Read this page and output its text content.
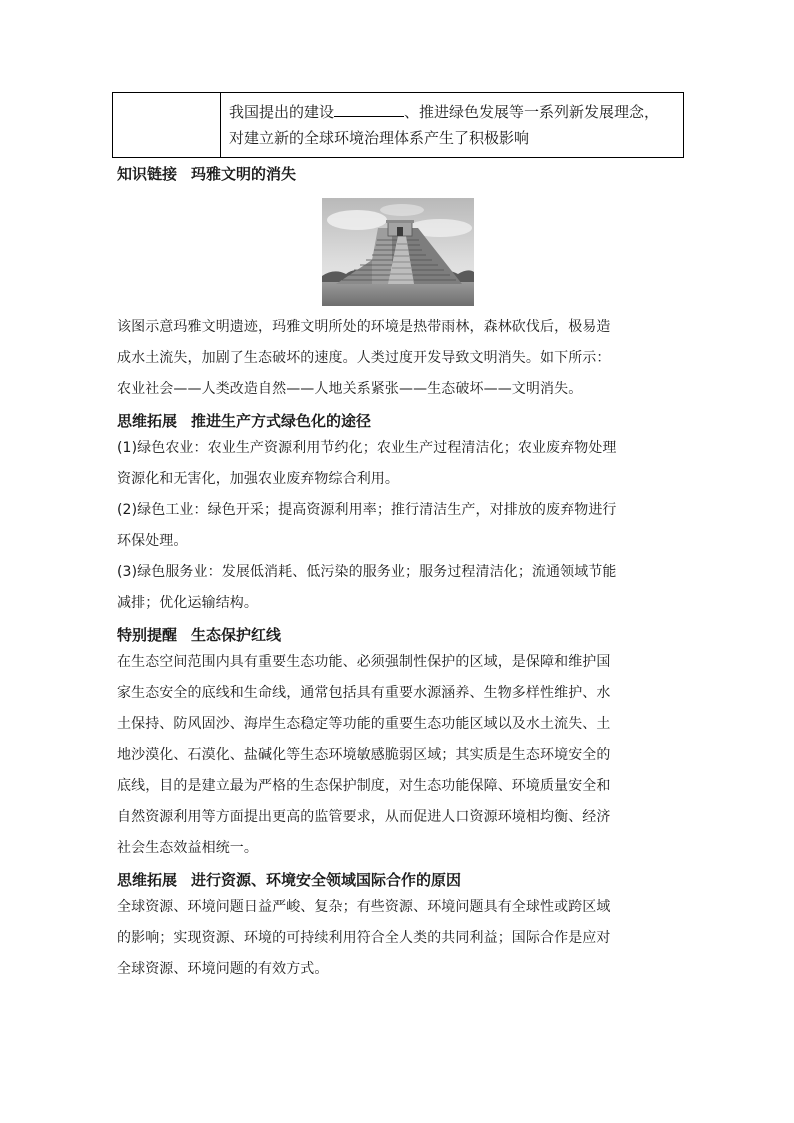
我国提出的建设	、推进绿色发展等一系列新发展理念，
对建立新的全球环境治理体系产生了积极影响

知识链接 玛雅文明的消失

该图示意玛雅文明遗迹，玛雅文明所处的环境是热带雨林，森林砍伐后，极易造

成水土流失，加剧了生态破坏的速度。人类过度开发导致文明消失。如下所示：

农业社会——人类改造自然——人地关系紧张——生态破坏——文明消失。

思维拓展 推进生产方式绿色化的途径

(1)绿色农业：农业生产资源利用节约化；农业生产过程清洁化；农业废弃物处理

资源化和无害化，加强农业废弃物综合利用。

(2)绿色工业：绿色开采；提高资源利用率；推行清洁生产，对排放的废弃物进行

环保处理。

(3)绿色服务业：发展低消耗、低污染的服务业；服务过程清洁化；流通领域节能

减排；优化运输结构。

特别提醒 生态保护红线

在生态空间范围内具有重要生态功能、必须强制性保护的区域，是保障和维护国

家生态安全的底线和生命线，通常包括具有重要水源涵养、生物多样性维护、水

土保持、防风固沙、海岸生态稳定等功能的重要生态功能区域以及水土流失、土

地沙漠化、石漠化、盐碱化等生态环境敏感脆弱区域；其实质是生态环境安全的

底线，目的是建立最为严格的生态保护制度，对生态功能保障、环境质量安全和

自然资源利用等方面提出更高的监管要求，从而促进人口资源环境相均衡、经济

社会生态效益相统一。

思维拓展 进行资源、环境安全领域国际合作的原因

全球资源、环境问题日益严峻、复杂；有些资源、环境问题具有全球性或跨区域

的影响；实现资源、环境的可持续利用符合全人类的共同利益；国际合作是应对

全球资源、环境问题的有效方式。
